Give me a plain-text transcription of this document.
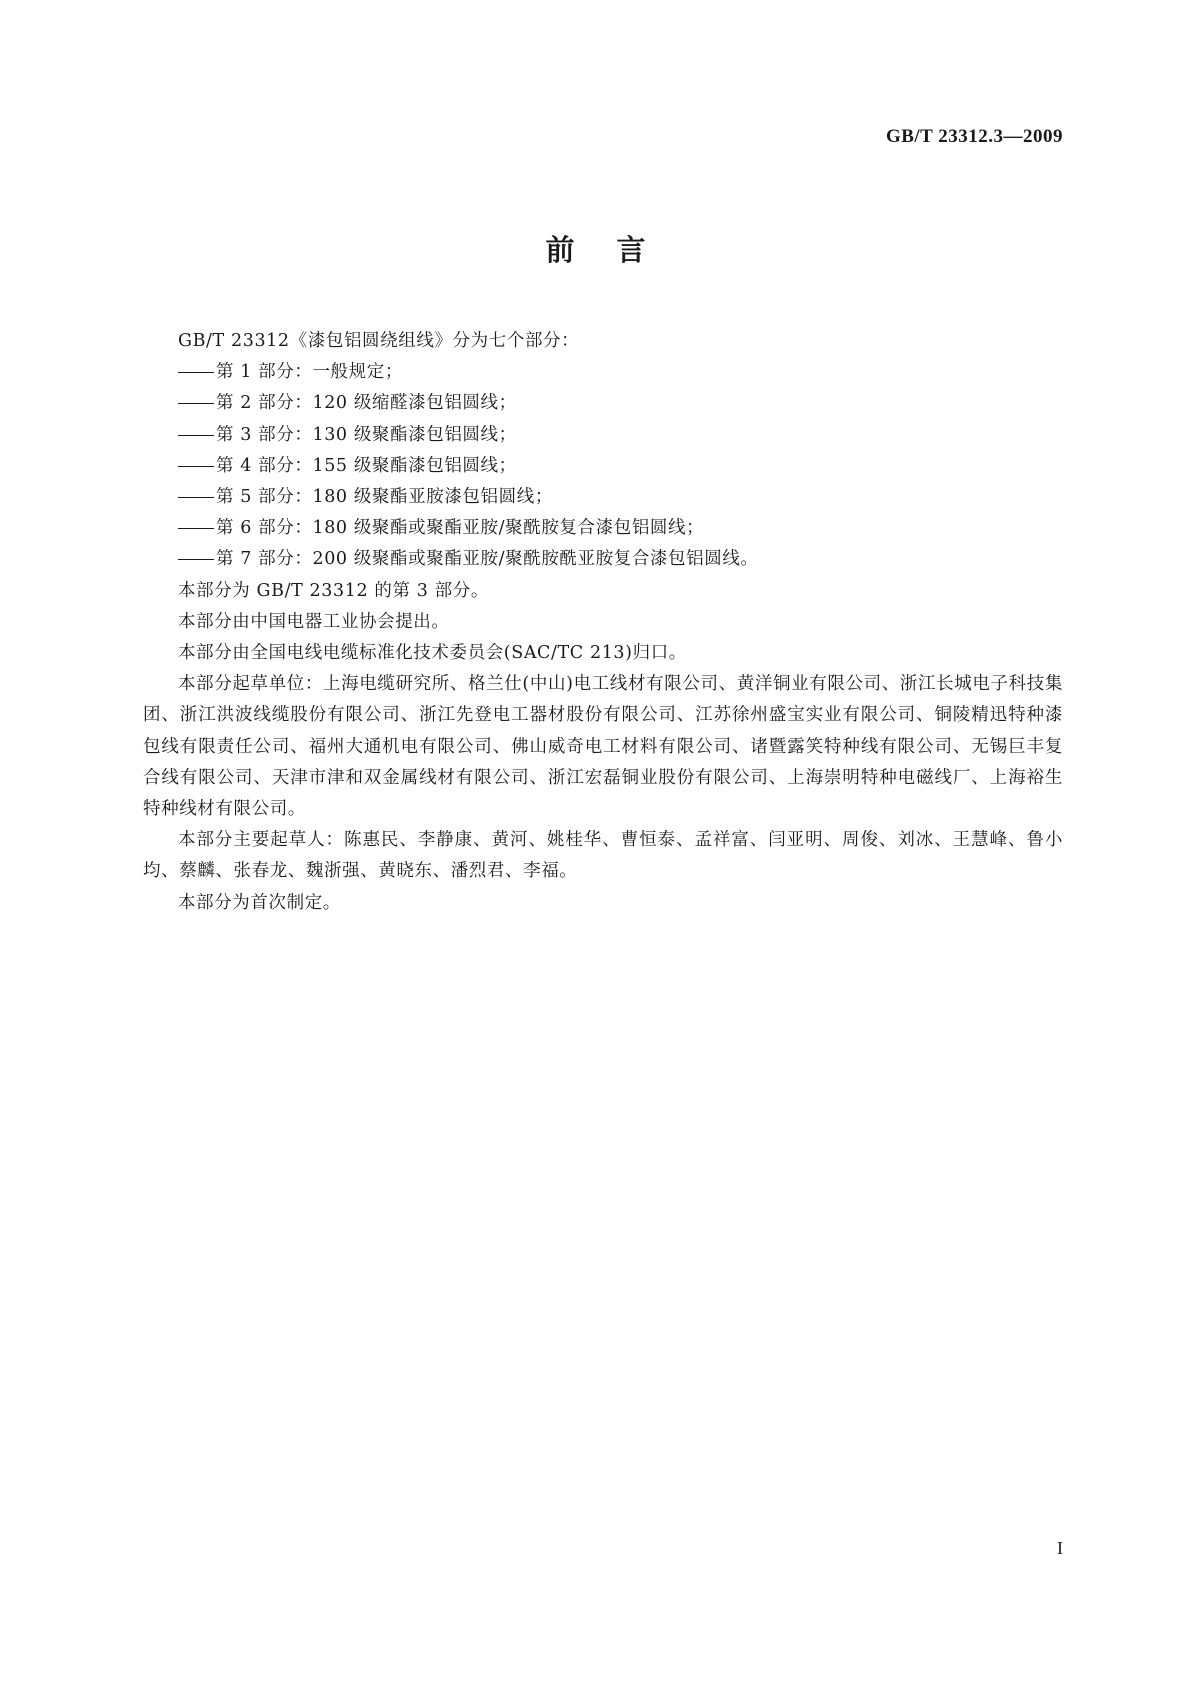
GB/T 23312.3—2009
前言

GB/T 23312《漆包铝圆绕组线》分为七个部分：

第 1 部分：一般规定；

第 2 部分：120 级缩醛漆包铝圆线；

第 3 部分：130 级聚酯漆包铝圆线；

第 4 部分：155 级聚酯漆包铝圆线；

第 5 部分：180 级聚酯亚胺漆包铝圆线；

第 6 部分：180 级聚酯或聚酯亚胺/聚酰胺复合漆包铝圆线；

第 7 部分：200 级聚酯或聚酯亚胺/聚酰胺酰亚胺复合漆包铝圆线。

本部分为 GB/T 23312 的第 3 部分。

本部分由中国电器工业协会提出。

本部分由全国电线电缆标准化技术委员会(SAC/TC 213)归口。

本部分起草单位：上海电缆研究所、格兰仕(中山)电工线材有限公司、黄洋铜业有限公司、浙江长城电子科技集团、浙江洪波线缆股份有限公司、浙江先登电工器材股份有限公司、江苏徐州盛宝实业有限公司、铜陵精迅特种漆包线有限责任公司、福州大通机电有限公司、佛山威奇电工材料有限公司、诸暨露笑特种线有限公司、无锡巨丰复合线有限公司、天津市津和双金属线材有限公司、浙江宏磊铜业股份有限公司、上海崇明特种电磁线厂、上海裕生特种线材有限公司。

本部分主要起草人：陈惠民、李静康、黄河、姚桂华、曹恒泰、孟祥富、闫亚明、周俊、刘冰、王慧峰、鲁小均、蔡麟、张春龙、魏浙强、黄晓东、潘烈君、李福。

本部分为首次制定。

I
